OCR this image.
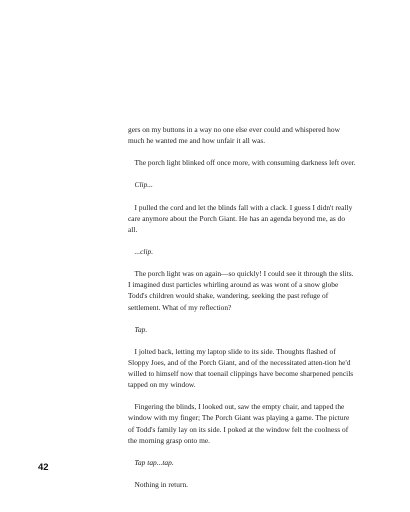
gers on my buttons in a way no one else ever could and whispered how much he wanted me and how unfair it all was.

The porch light blinked off once more, with consuming darkness left over.

Clip...

I pulled the cord and let the blinds fall with a clack. I guess I didn't really care anymore about the Porch Giant. He has an agenda beyond me, as do all.

...clip.

The porch light was on again—so quickly! I could see it through the slits. I imagined dust particles whirling around as was wont of a snow globe Todd's children would shake, wandering, seeking the past refuge of settlement. What of my reflection?

Tap.

I jolted back, letting my laptop slide to its side. Thoughts flashed of Sloppy Joes, and of the Porch Giant, and of the necessitated atten-tion he'd willed to himself now that toenail clippings have become sharpened pencils tapped on my window.

Fingering the blinds, I looked out, saw the empty chair, and tapped the window with my finger; The Porch Giant was playing a game. The picture of Todd's family lay on its side. I poked at the window felt the coolness of the morning grasp onto me.

Tap tap...tap.

Nothing in return.

42
